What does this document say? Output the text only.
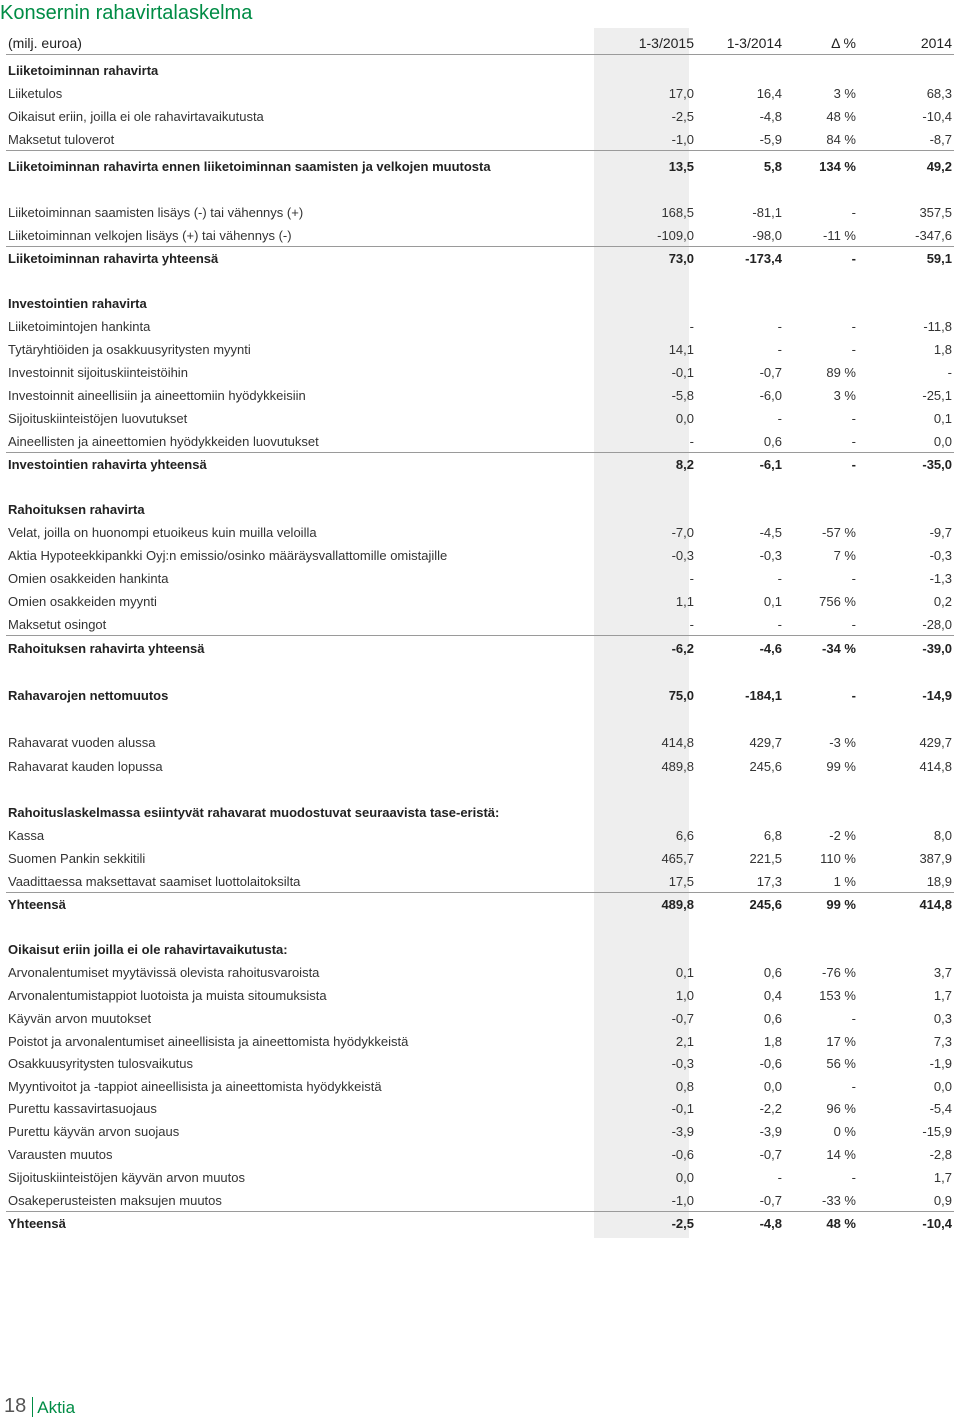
Konsernin rahavirtalaskelma
(milj. euroa)	1-3/2015	1-3/2014	Δ %	2014
Liiketoiminnan rahavirta
Liiketulos	17,0	16,4	3 %	68,3
Oikaisut eriin, joilla ei ole rahavirtavaikutusta	-2,5	-4,8	48 %	-10,4
Maksetut tuloverot	-1,0	-5,9	84 %	-8,7
Liiketoiminnan rahavirta ennen liiketoiminnan saamisten ja velkojen muutosta	13,5	5,8	134 %	49,2
Liiketoiminnan saamisten lisäys (-) tai vähennys (+)	168,5	-81,1	-	357,5
Liiketoiminnan velkojen lisäys (+) tai vähennys (-)	-109,0	-98,0	-11 %	-347,6
Liiketoiminnan rahavirta yhteensä	73,0	-173,4	-	59,1
Investointien rahavirta
Liiketoimintojen hankinta	-	-	-	-11,8
Tytäryhtiöiden ja osakkuusyritysten myynti	14,1	-	-	1,8
Investoinnit sijoituskiinteistöihin	-0,1	-0,7	89 %	-
Investoinnit aineellisiin ja aineettomiin hyödykkeisiin	-5,8	-6,0	3 %	-25,1
Sijoituskiinteistöjen luovutukset	0,0	-	-	0,1
Aineellisten ja aineettomien hyödykkeiden luovutukset	-	0,6	-	0,0
Investointien rahavirta yhteensä	8,2	-6,1	-	-35,0
Rahoituksen rahavirta
Velat, joilla on huonompi etuoikeus kuin muilla veloilla	-7,0	-4,5	-57 %	-9,7
Aktia Hypoteekkipankki Oyj:n emissio/osinko määräysvallattomille omistajille	-0,3	-0,3	7 %	-0,3
Omien osakkeiden hankinta	-	-	-	-1,3
Omien osakkeiden myynti	1,1	0,1	756 %	0,2
Maksetut osingot	-	-	-	-28,0
Rahoituksen rahavirta yhteensä	-6,2	-4,6	-34 %	-39,0
Rahavarojen nettomuutos	75,0	-184,1	-	-14,9
Rahavarat vuoden alussa	414,8	429,7	-3 %	429,7
Rahavarat kauden lopussa	489,8	245,6	99 %	414,8
Rahoituslaskelmassa esiintyvät rahavarat muodostuvat seuraavista tase-eristä:
Kassa	6,6	6,8	-2 %	8,0
Suomen Pankin sekkitili	465,7	221,5	110 %	387,9
Vaadittaessa maksettavat saamiset luottolaitoksilta	17,5	17,3	1 %	18,9
Yhteensä	489,8	245,6	99 %	414,8
Oikaisut eriin joilla ei ole rahavirtavaikutusta:
Arvonalentumiset myytävissä olevista rahoitusvaroista	0,1	0,6	-76 %	3,7
Arvonalentumistappiot luotoista ja muista sitoumuksista	1,0	0,4	153 %	1,7
Käyvän arvon muutokset	-0,7	0,6	-	0,3
Poistot ja arvonalentumiset aineellisista ja aineettomista hyödykkeistä	2,1	1,8	17 %	7,3
Osakkuusyritysten tulosvaikutus	-0,3	-0,6	56 %	-1,9
Myyntivoitot ja -tappiot aineellisista ja aineettomista hyödykkeistä	0,8	0,0	-	0,0
Purettu kassavirtasuojaus	-0,1	-2,2	96 %	-5,4
Purettu käyvän arvon suojaus	-3,9	-3,9	0 %	-15,9
Varausten muutos	-0,6	-0,7	14 %	-2,8
Sijoituskiinteistöjen käyvän arvon muutos	0,0	-	-	1,7
Osakeperusteisten maksujen muutos	-1,0	-0,7	-33 %	0,9
Yhteensä	-2,5	-4,8	48 %	-10,4
18 Aktia
